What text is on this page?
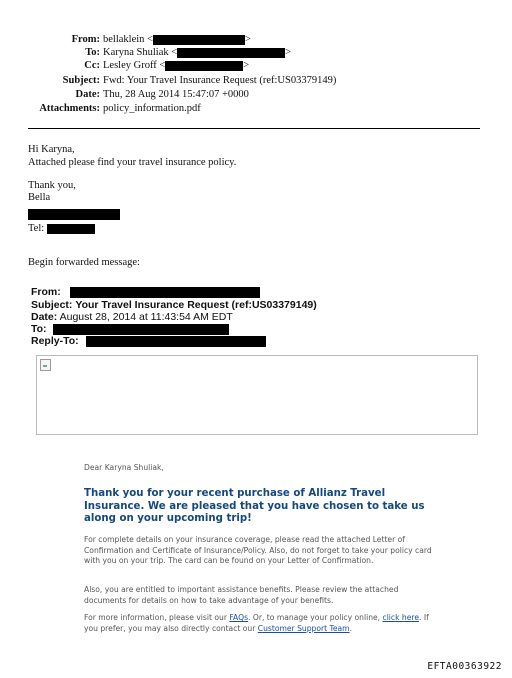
From: bellaklein <	>
To: Karyna Shuliak <	>
Cc: Lesley Groff <	>
Subject: Fwd: Your Travel Insurance Request (ref:US03379149)
Date: Thu, 28 Aug 2014 15:47:07 +0000
Attachments: policy_information.pdf
Hi Karyna,
Attached please find your travel insurance policy.
Thank you,
Bella
Tel:
Begin forwarded message:
From:
Subject: Your Travel Insurance Request (ref:US03379149)
Date: August 28, 2014 at 11:43:54 AM EDT
To:
Reply-To:
Dear Karyna Shuliak,
Thank you for your recent purchase of Allianz Travel Insurance. We are pleased that you have chosen to take us along on your upcoming trip!
For complete details on your insurance coverage, please read the attached Letter of Confirmation and Certificate of Insurance/Policy. Also, do not forget to take your policy card with you on your trip. The card can be found on your Letter of Confirmation.
Also, you are entitled to important assistance benefits. Please review the attached documents for details on how to take advantage of your benefits.
For more information, please visit our FAQs. Or, to manage your policy online, click here. If you prefer, you may also directly contact our Customer Support Team.
EFTA00363922
